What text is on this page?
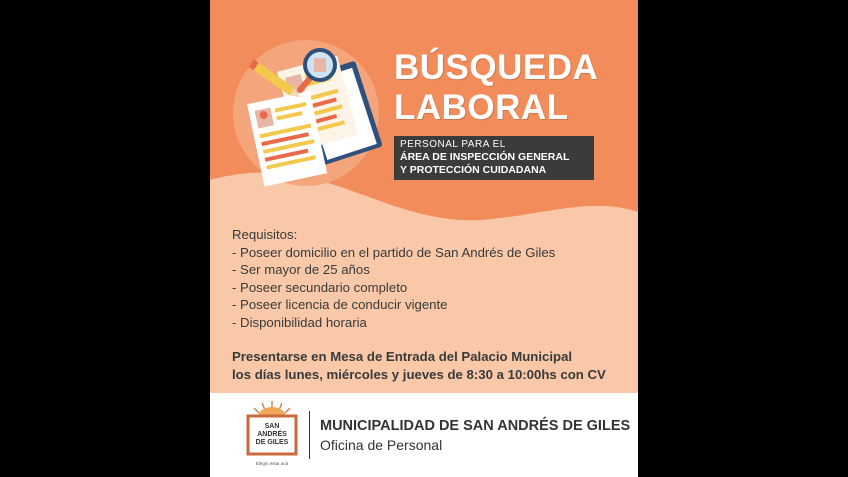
BÚSQUEDA
LABORAL
PERSONAL PARA EL
ÁREA DE INSPECCIÓN GENERAL
Y PROTECCIÓN CUIDADANA
Requisitos:
- Poseer domicilio en el partido de San Andrés de Giles
- Ser mayor de 25 años
- Poseer secundario completo
- Poseer licencia de conducir vigente
- Disponibilidad horaria
Presentarse en Mesa de Entrada del Palacio Municipal
los días lunes, miércoles y jueves de 8:30 a 10:00hs con CV
SAN
ANDRÉS
DE GILES
Elegís estar acá
MUNICIPALIDAD DE SAN ANDRÉS DE GILES
Oficina de Personal
